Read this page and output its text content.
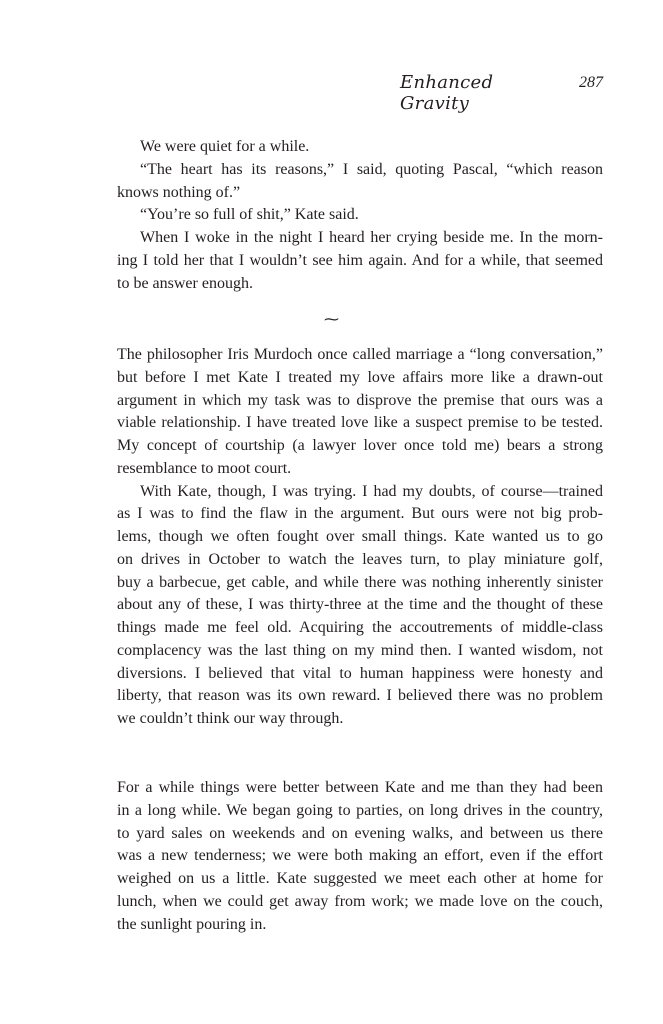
Enhanced Gravity
287
We were quiet for a while.
“The heart has its reasons,” I said, quoting Pascal, “which reason
knows nothing of.”
“You’re so full of shit,” Kate said.
When I woke in the night I heard her crying beside me. In the morn-
ing I told her that I wouldn’t see him again. And for a while, that seemed
to be answer enough.
⁓
The philosopher Iris Murdoch once called marriage a “long conversation,”
but before I met Kate I treated my love affairs more like a drawn-out
argument in which my task was to disprove the premise that ours was a
viable relationship. I have treated love like a suspect premise to be tested.
My concept of courtship (a lawyer lover once told me) bears a strong
resemblance to moot court.
With Kate, though, I was trying. I had my doubts, of course—trained
as I was to find the flaw in the argument. But ours were not big prob-
lems, though we often fought over small things. Kate wanted us to go
on drives in October to watch the leaves turn, to play miniature golf,
buy a barbecue, get cable, and while there was nothing inherently sinister
about any of these, I was thirty-three at the time and the thought of these
things made me feel old. Acquiring the accoutrements of middle-class
complacency was the last thing on my mind then. I wanted wisdom, not
diversions. I believed that vital to human happiness were honesty and
liberty, that reason was its own reward. I believed there was no problem
we couldn’t think our way through.
For a while things were better between Kate and me than they had been
in a long while. We began going to parties, on long drives in the country,
to yard sales on weekends and on evening walks, and between us there
was a new tenderness; we were both making an effort, even if the effort
weighed on us a little. Kate suggested we meet each other at home for
lunch, when we could get away from work; we made love on the couch,
the sunlight pouring in.
